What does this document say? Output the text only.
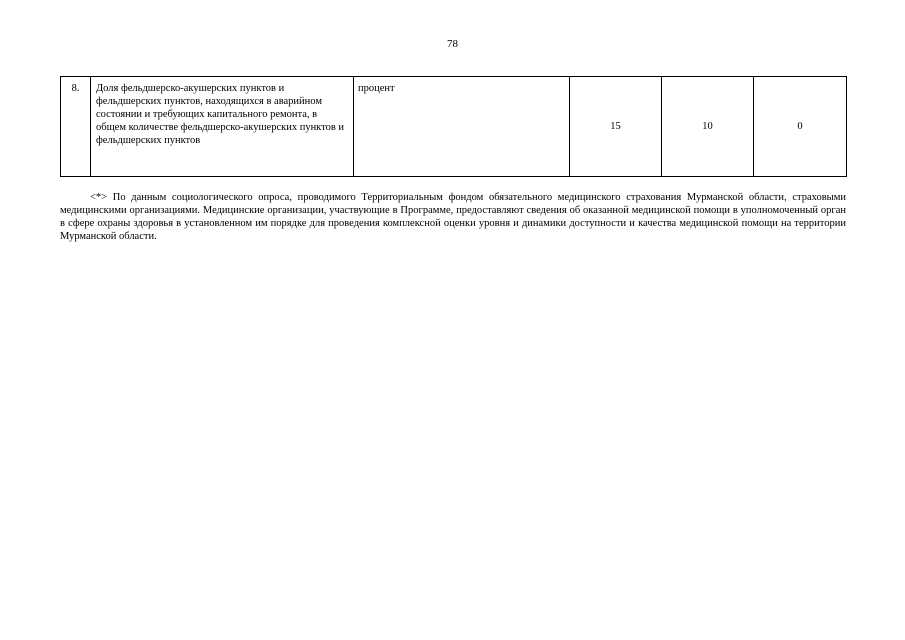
78
8.	Доля фельдшерско-акушерских пунктов и фельдшерских пунктов, находящихся в аварийном состоянии и требующих капитального ремонта, в общем количестве фельдшерско-акушерских пунктов и фельдшерских пунктов	процент	15	10	0

<*> По данным социологического опроса, проводимого Территориальным фондом обязательного медицинского страхования Мурманской области, страховыми медицинскими организациями. Медицинские организации, участвующие в Программе, предоставляют сведения об оказанной медицинской помощи в уполномоченный орган в сфере охраны здоровья в установленном им порядке для проведения комплексной оценки уровня и динамики доступности и качества медицинской помощи на территории Мурманской области.
